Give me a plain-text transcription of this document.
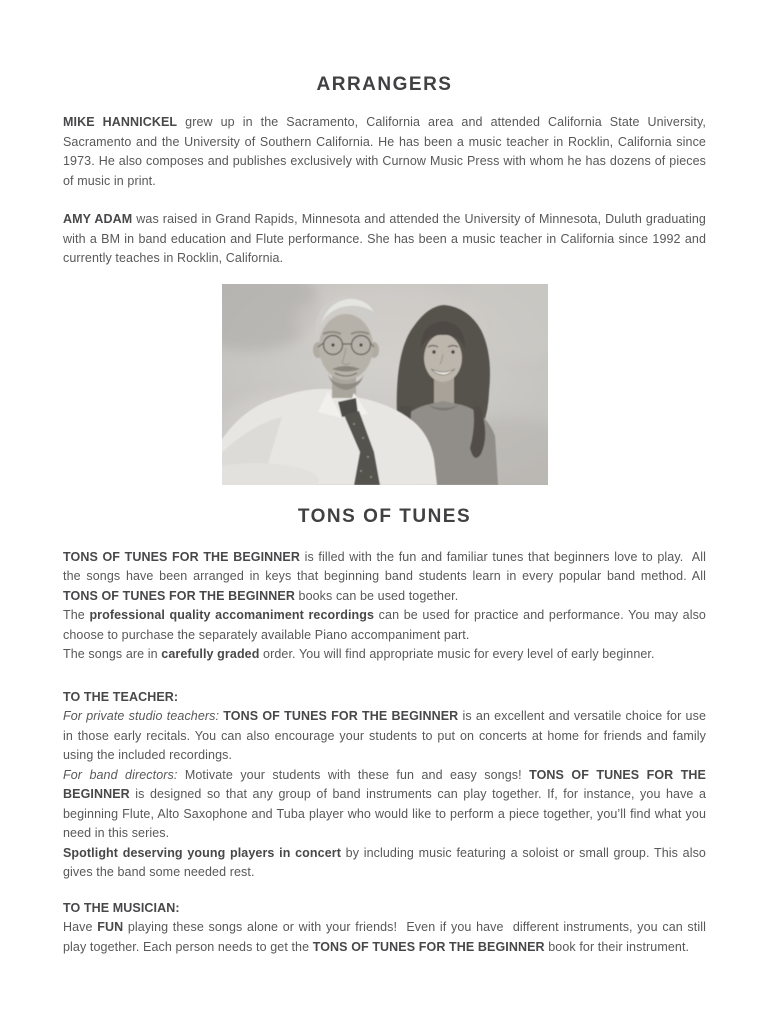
ARRANGERS

MIKE HANNICKEL grew up in the Sacramento, California area and attended California State University, Sacramento and the University of Southern California. He has been a music teacher in Rocklin, California since 1973. He also composes and publishes exclusively with Curnow Music Press with whom he has dozens of pieces of music in print.

AMY ADAM was raised in Grand Rapids, Minnesota and attended the University of Minnesota, Duluth graduating with a BM in band education and Flute performance. She has been a music teacher in California since 1992 and currently teaches in Rocklin, California.

TONS OF TUNES

TONS OF TUNES FOR THE BEGINNER is filled with the fun and familiar tunes that beginners love to play.  All the songs have been arranged in keys that beginning band students learn in every popular band method. All TONS OF TUNES FOR THE BEGINNER books can be used together.

The professional quality accomaniment recordings can be used for practice and performance. You may also choose to purchase the separately available Piano accompaniment part.

The songs are in carefully graded order. You will find appropriate music for every level of early beginner.

TO THE TEACHER:

For private studio teachers: TONS OF TUNES FOR THE BEGINNER is an excellent and versatile choice for use in those early recitals. You can also encourage your students to put on concerts at home for friends and family using the included recordings.

For band directors: Motivate your students with these fun and easy songs! TONS OF TUNES FOR THE BEGINNER is designed so that any group of band instruments can play together. If, for instance, you have a beginning Flute, Alto Saxophone and Tuba player who would like to perform a piece together, you’ll find what you need in this series.

Spotlight deserving young players in concert by including music featuring a soloist or small group. This also gives the band some needed rest.

TO THE MUSICIAN:

Have FUN playing these songs alone or with your friends!  Even if you have  different instruments, you can still play together. Each person needs to get the TONS OF TUNES FOR THE BEGINNER book for their instrument.
